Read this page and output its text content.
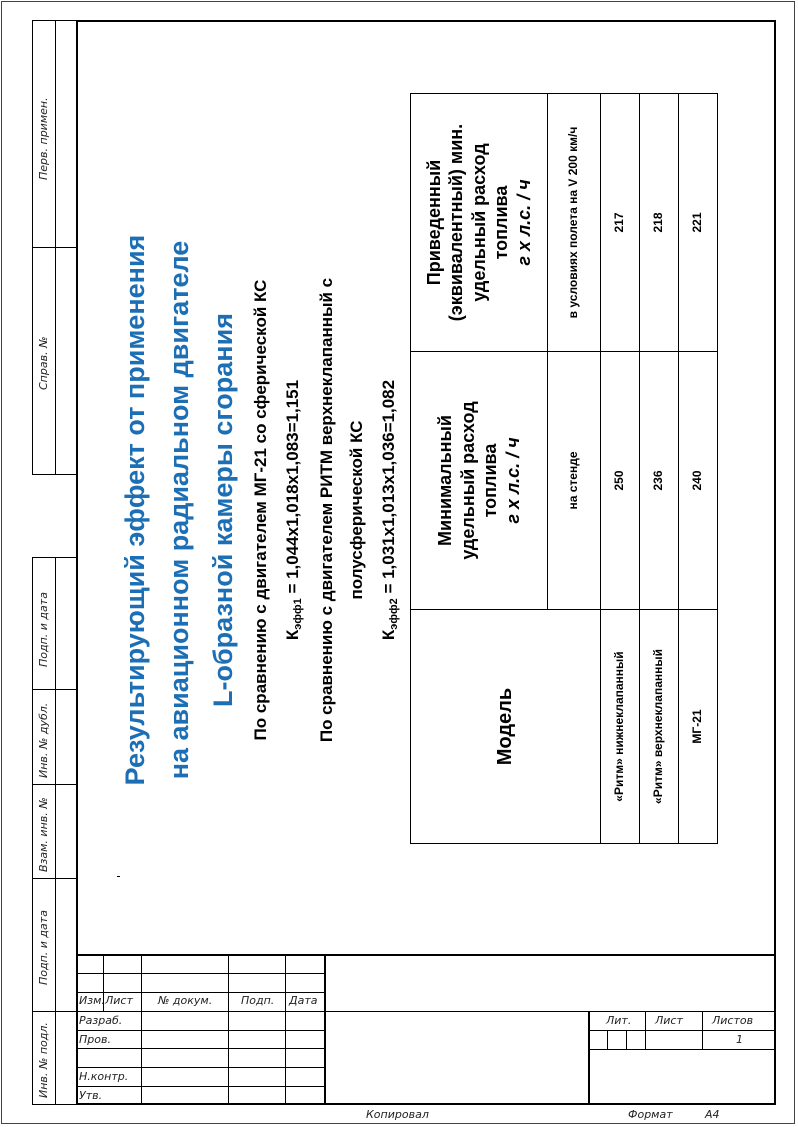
Перв. примен.
Справ. №
Подп. и дата
Инв. № дубл.
Взам. инв. №
Подп. и дата
Инв. № подл.
Результирующий эффект от применения на авиационном радиальном двигателе L-образной камеры сгорания По сравнению с двигателем МГ-21 со сферической КС $К_{эфф1} = 1,044х1,018х1,083=1,151$ По сравнению с двигателем РИТМ верхнеклапанный с полусферической КС
$К_{эфф2} = 1,031х1,013х1,036=1,082$
Модель	Минимальный удельный расход топлива г х л.с. / ч	Приведенный (эквивалентный) мин. удельный расход топлива г х л.с. / ч
	на стенде	в условиях полета на V 200 км/ч
«Ритм» нижнеклапанный	250	217
«Ритм» верхнеклапанный	236	218
МГ-21	240	221
Изм. Лист № докум.	Подп. Дата
Разраб.
Пров.
Н.контр.
Утв.
Лит. Лист	Листов
1
Копировал	Формат	А4
